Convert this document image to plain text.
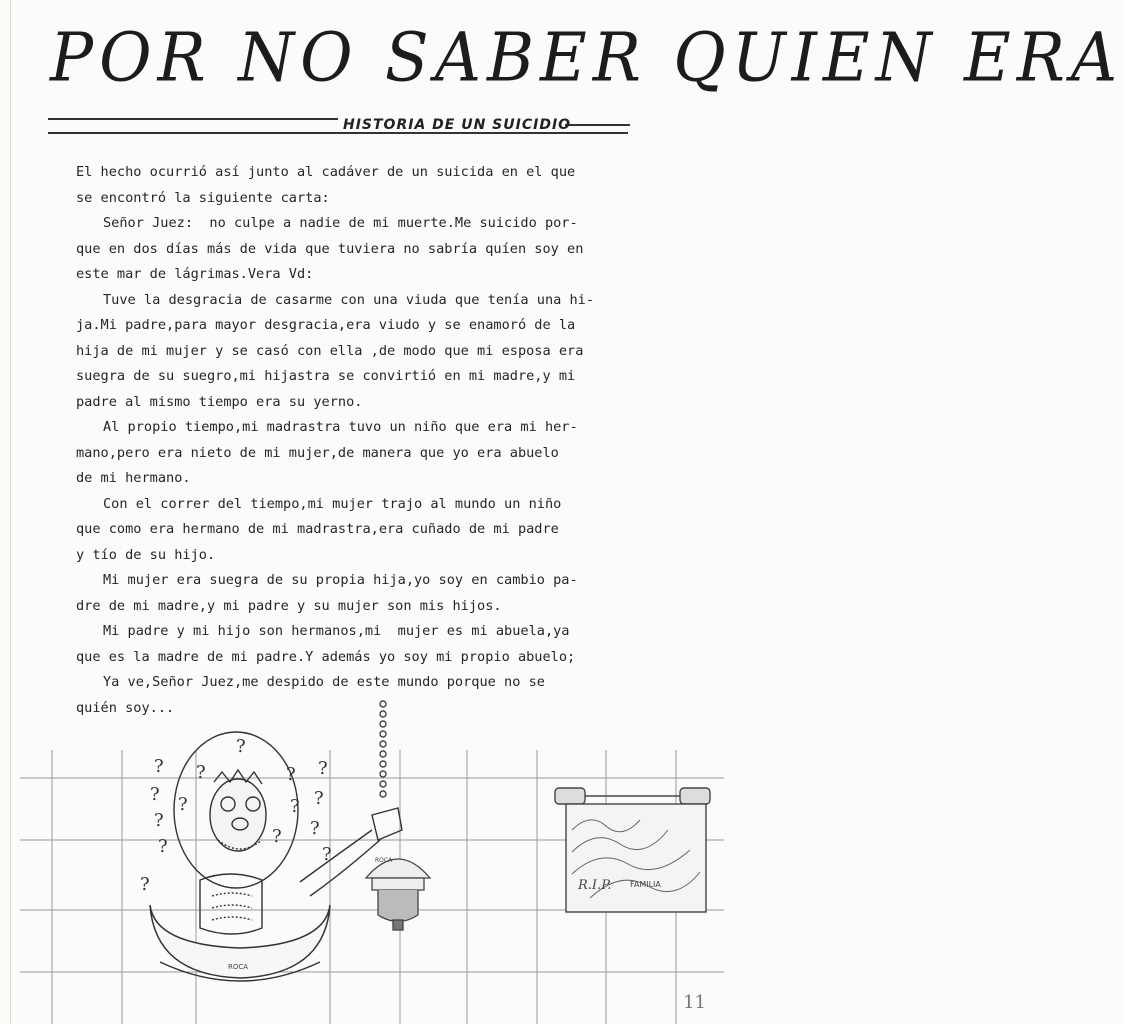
POR NO SABER QUIEN ERA
HISTORIA DE UN SUICIDIO

El hecho ocurrió así junto al cadáver de un suicida en el que
se encontró la siguiente carta:

Señor Juez:  no culpe a nadie de mi muerte.Me suicido por-
que en dos días más de vida que tuviera no sabría quíen soy en
este mar de lágrimas.Vera Vd:

Tuve la desgracia de casarme con una viuda que tenía una hi-
ja.Mi padre,para mayor desgracia,era viudo y se enamoró de la
hija de mi mujer y se casó con ella ,de modo que mi esposa era
suegra de su suegro,mi hijastra se convirtió en mi madre,y mi
padre al mismo tiempo era su yerno.

Al propio tiempo,mi madrastra tuvo un niño que era mi her-
mano,pero era nieto de mi mujer,de manera que yo era abuelo
de mi hermano.

Con el correr del tiempo,mi mujer trajo al mundo un niño
que como era hermano de mi madrastra,era cuñado de mi padre
y tío de su hijo.

Mi mujer era suegra de su propia hija,yo soy en cambio pa-
dre de mi madre,y mi padre y su mujer son mis hijos.

Mi padre y mi hijo son hermanos,mi  mujer es mi abuela,ya
que es la madre de mi padre.Y además yo soy mi propio abuelo;

Ya ve,Señor Juez,me despido de este mundo porque no se
quién soy...

?
?
?
?
?
?
?
?
?
?
?
?
?
?
?	ROCA
ROCA
R.I.P. FAMILIA
11
